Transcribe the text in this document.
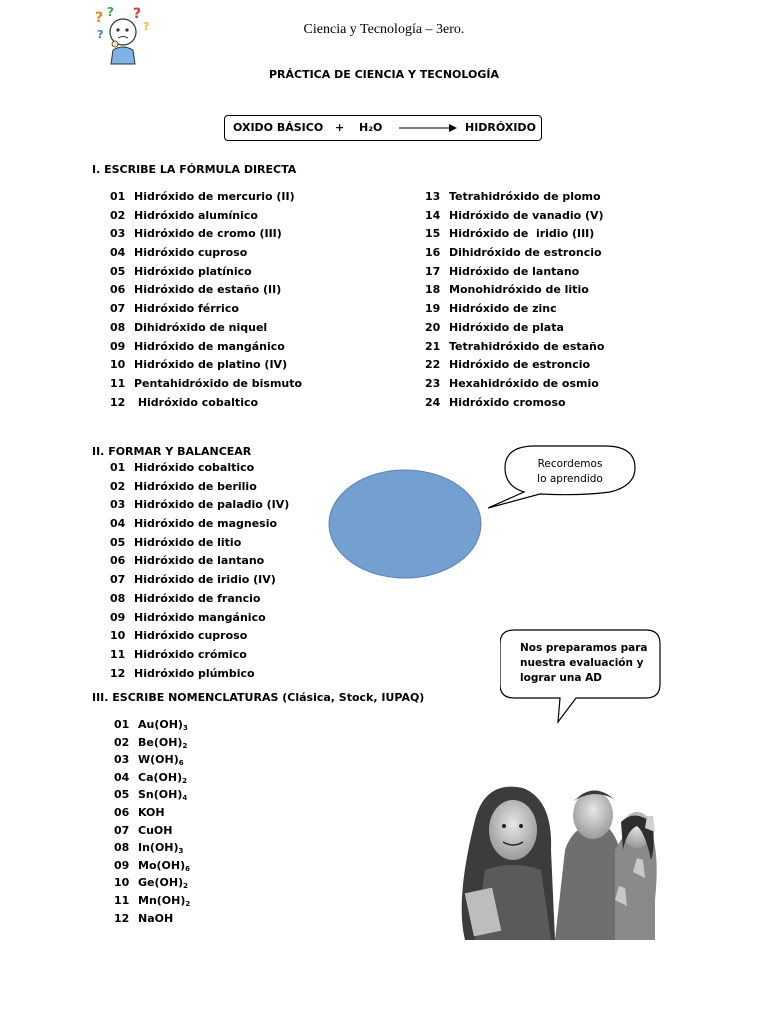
? ? ?
?
?	Ciencia y Tecnología – 3ero.
PRÁCTICA DE CIENCIA Y TECNOLOGÍA
OXIDO BÁSICO + H₂O	HIDRÓXIDO
I. ESCRIBE LA FÓRMULA DIRECTA
01 Hidróxido de mercurio (II)
02 Hidróxido alumínico
03 Hidróxido de cromo (III)
04 Hidróxido cuproso
05 Hidróxido platínico
06 Hidróxido de estaño (II)
07 Hidróxido férrico
08 Dihidróxido de niquel
09 Hidróxido de mangánico
10 Hidróxido de platino (IV)
11 Pentahidróxido de bismuto
12 Hidróxido cobaltico
13 Tetrahidróxido de plomo
14 Hidróxido de vanadio (V)
15 Hidróxido de  iridio (III)
16 Dihidróxido de estroncio
17 Hidróxido de lantano
18 Monohidróxido de litio
19 Hidróxido de zinc
20 Hidróxido de plata
21 Tetrahidróxido de estaño
22 Hidróxido de estroncio
23 Hexahidróxido de osmio
24 Hidróxido cromoso
II. FORMAR Y BALANCEAR
01 Hidróxido cobaltico
02 Hidróxido de berilio
03 Hidróxido de paladio (IV)
04 Hidróxido de magnesio
05 Hidróxido de litio
06 Hidróxido de lantano
07 Hidróxido de iridio (IV)
08 Hidróxido de francio
09 Hidróxido mangánico
10 Hidróxido cuproso
11 Hidróxido crómico
12 Hidróxido plúmbico
III. ESCRIBE NOMENCLATURAS (Clásica, Stock, IUPAQ)
01 $Au(OH)_3$
02 $Be(OH)_2$
03 $W(OH)_6$
04 $Ca(OH)_2$
05 $Sn(OH)_4$
06 KOH
07 CuOH
08 $In(OH)_3$
09 $Mo(OH)_6$
10 $Ge(OH)_2$
11 $Mn(OH)_2$
12 NaOH
Recordemos
lo aprendido
Nos preparamos para
nuestra evaluación y
lograr una AD
